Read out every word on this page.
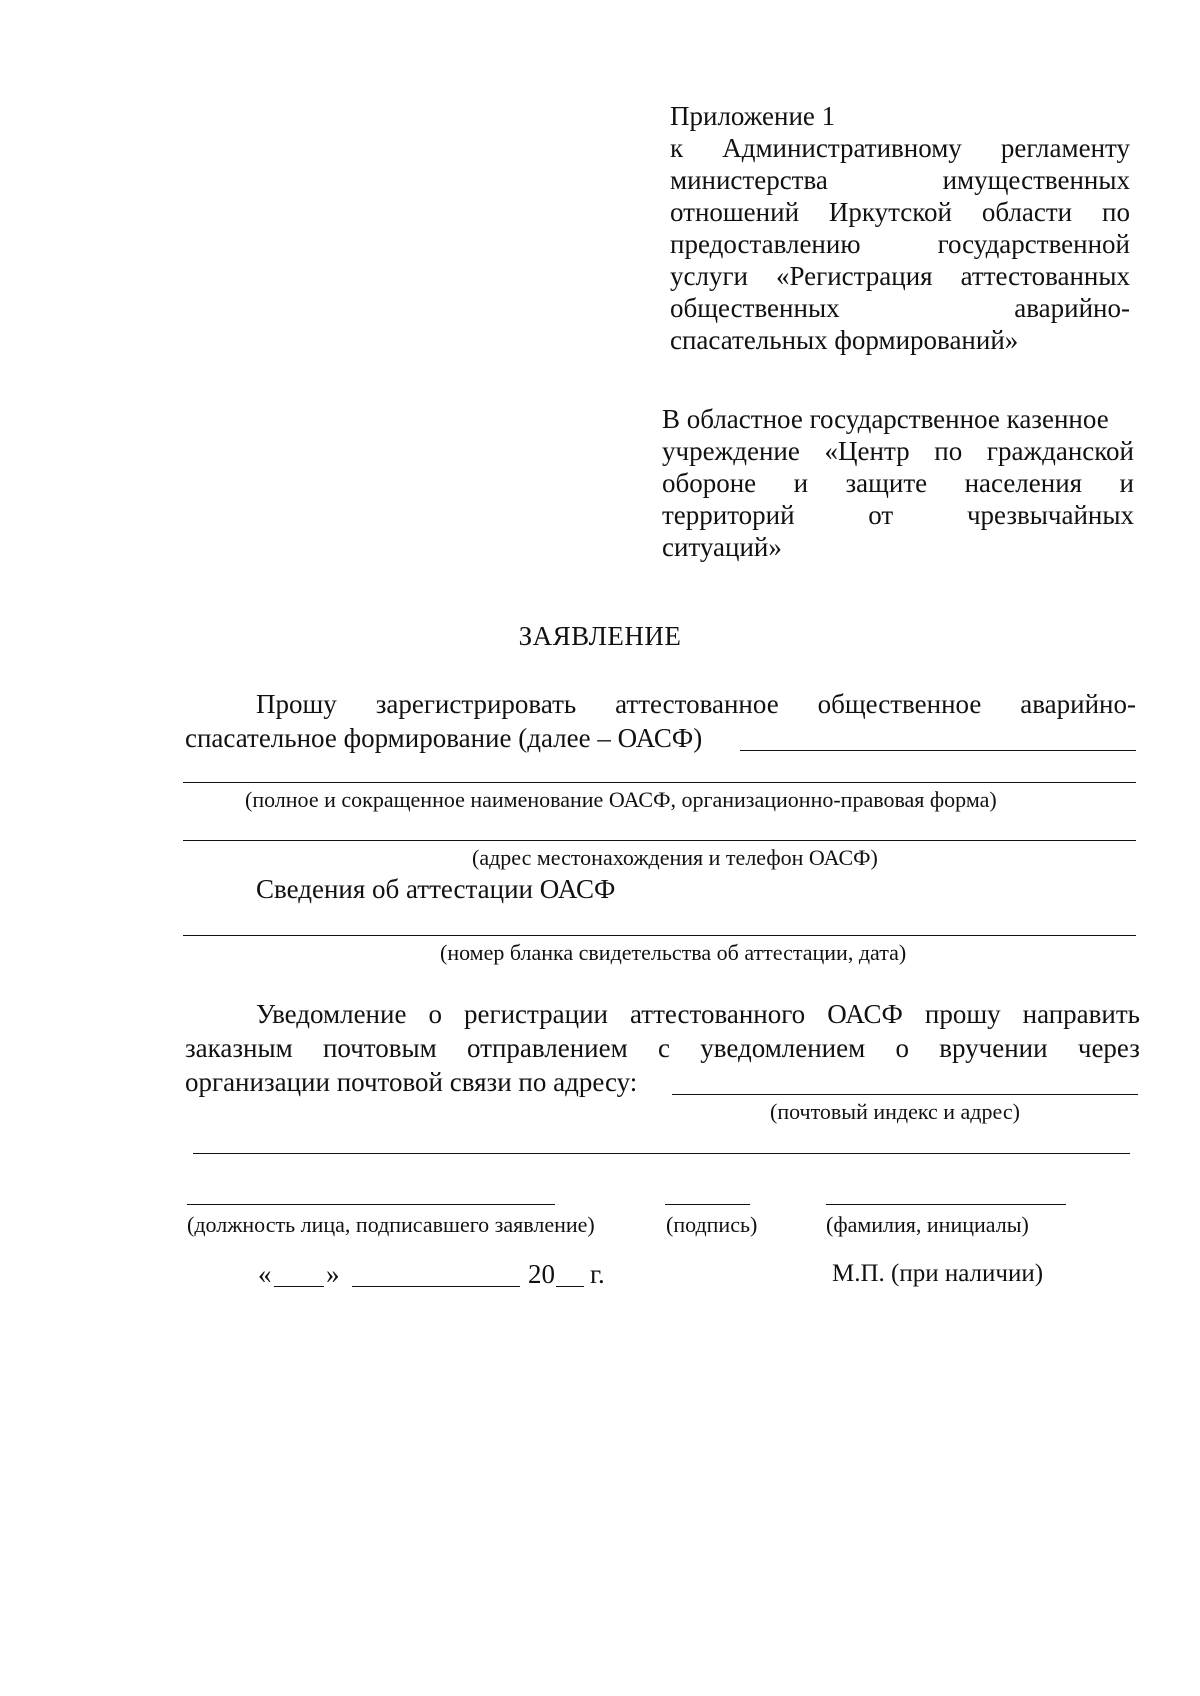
Приложение 1
к Административному регламенту
министерства	имущественных
отношений Иркутской области по
предоставлению	государственной
услуги «Регистрация аттестованных
общественных	аварийно-
спасательных формирований»
В областное государственное казенное
учреждение «Центр по гражданской
обороне и защите населения и
территорий	от	чрезвычайных
ситуаций»
ЗАЯВЛЕНИЕ
Прошу зарегистрировать аттестованное общественное аварийно-
спасательное формирование (далее – ОАСФ)
(полное и сокращенное наименование ОАСФ, организационно-правовая форма)
(адрес местонахождения и телефон ОАСФ)
Сведения об аттестации ОАСФ
(номер бланка свидетельства об аттестации, дата)
Уведомление о регистрации аттестованного ОАСФ прошу направить
заказным почтовым отправлением с уведомлением о вручении через
организации почтовой связи по адресу:
(почтовый индекс и адрес)
(должность лица, подписавшего заявление)	(подпись)	(фамилия, инициалы)
« »	20 г.	М.П. (при наличии)
